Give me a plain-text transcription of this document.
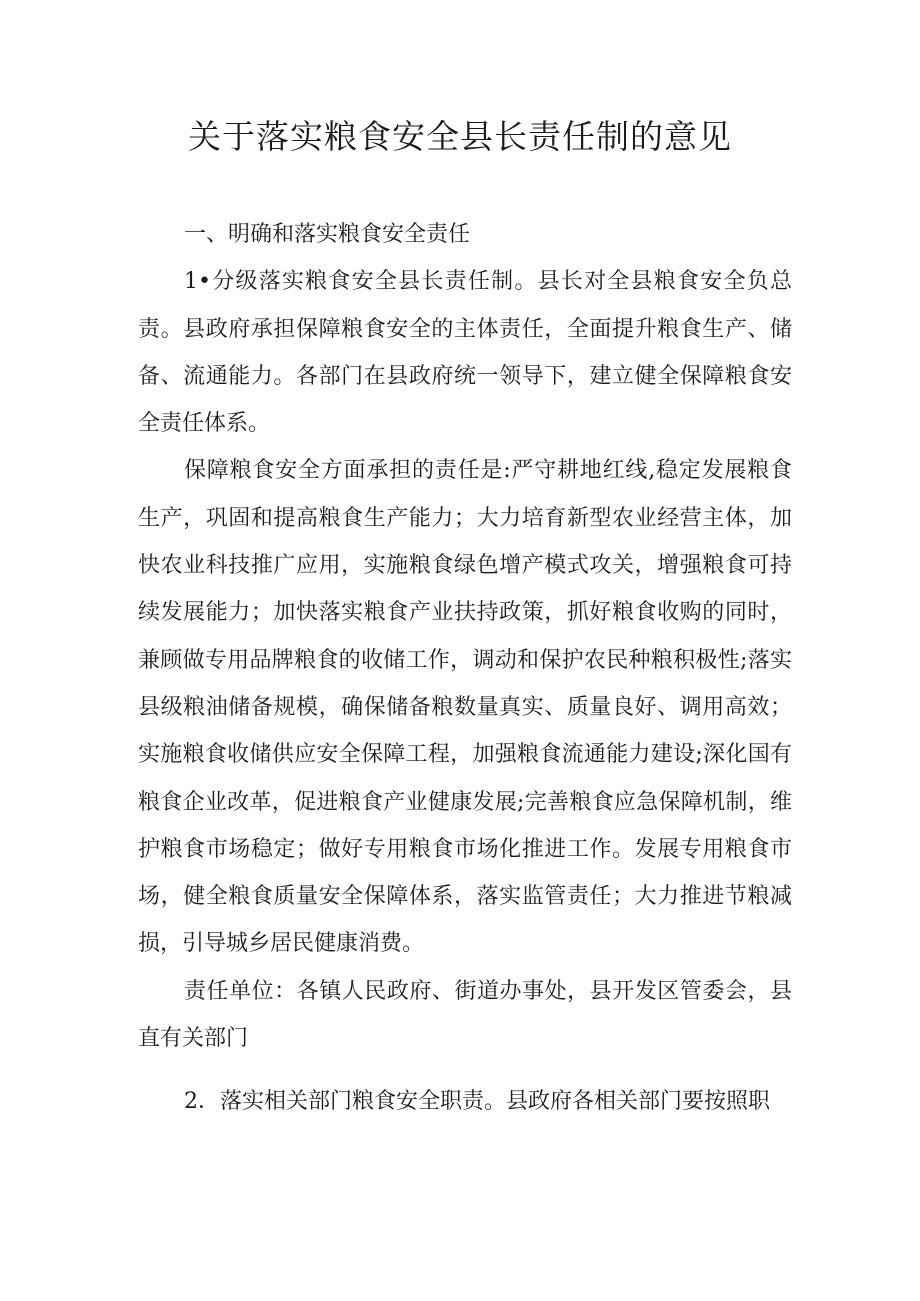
关于落实粮食安全县长责任制的意见

一、明确和落实粮食安全责任

1•分级落实粮食安全县长责任制。县长对全县粮食安全负总责。县政府承担保障粮食安全的主体责任，全面提升粮食生产、储备、流通能力。各部门在县政府统一领导下，建立健全保障粮食安全责任体系。

保障粮食安全方面承担的责任是:严守耕地红线,稳定发展粮食生产，巩固和提高粮食生产能力；大力培育新型农业经营主体，加快农业科技推广应用，实施粮食绿色增产模式攻关，增强粮食可持续发展能力；加快落实粮食产业扶持政策，抓好粮食收购的同时，兼顾做专用品牌粮食的收储工作，调动和保护农民种粮积极性;落实县级粮油储备规模，确保储备粮数量真实、质量良好、调用高效；实施粮食收储供应安全保障工程，加强粮食流通能力建设;深化国有粮食企业改革，促进粮食产业健康发展;完善粮食应急保障机制，维护粮食市场稳定；做好专用粮食市场化推进工作。发展专用粮食市场，健全粮食质量安全保障体系，落实监管责任；大力推进节粮减损，引导城乡居民健康消费。

责任单位：各镇人民政府、街道办事处，县开发区管委会，县直有关部门

2．落实相关部门粮食安全职责。县政府各相关部门要按照职
